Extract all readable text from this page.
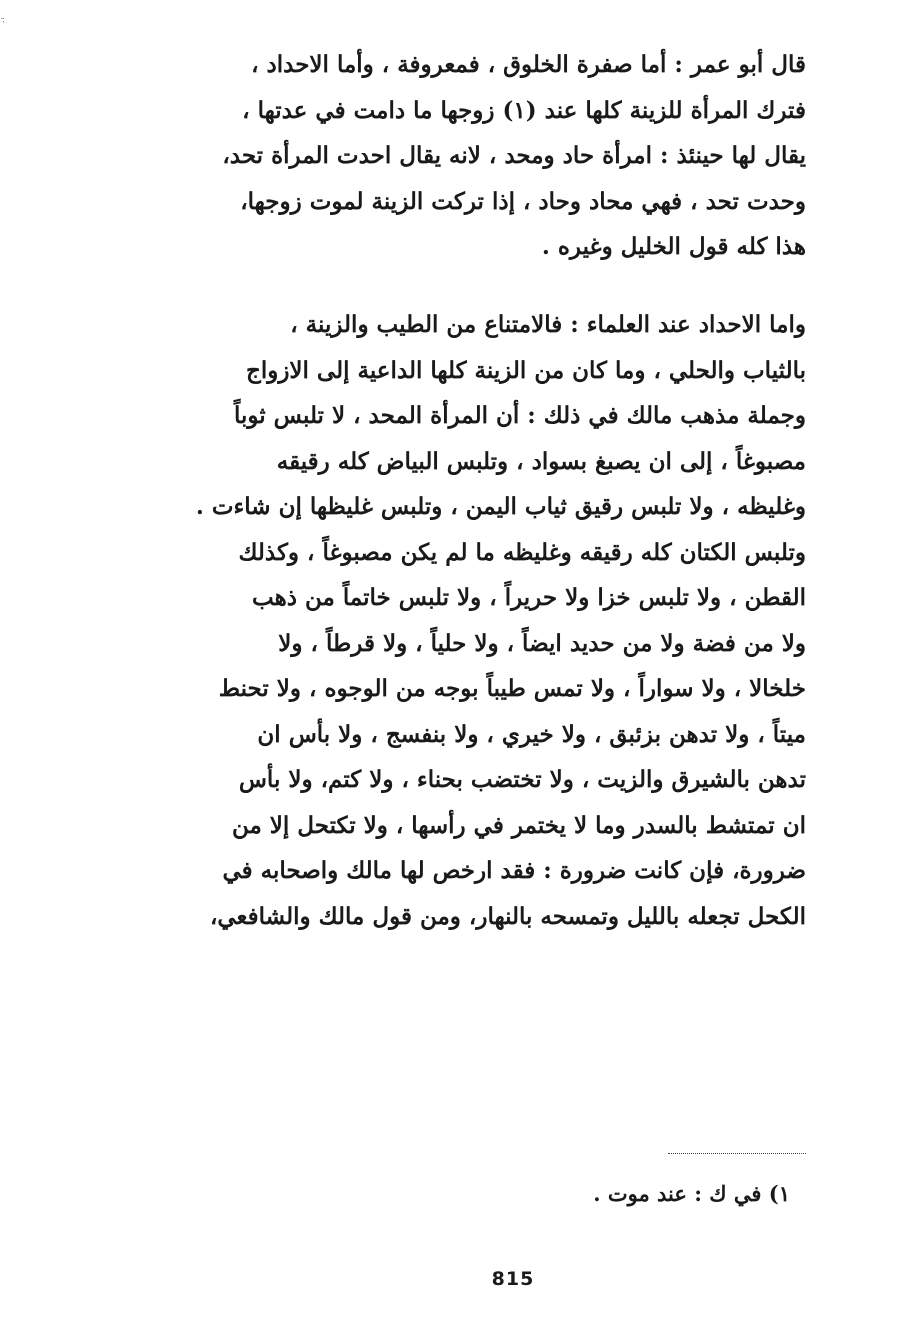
·̈
قال أبو عمر : أما صفرة الخلوق ، فمعروفة ، وأما الاحداد ،
فترك المرأة للزينة كلها عند (١) زوجها ما دامت في عدتها ،
يقال لها حينئذ : امرأة حاد ومحد ، لانه يقال احدت المرأة تحد،
وحدت تحد ، فهي محاد وحاد ، إذا تركت الزينة لموت زوجها،
هذا كله قول الخليل وغيره .
واما الاحداد عند العلماء : فالامتناع من الطيب والزينة ،
بالثياب والحلي ، وما كان من الزينة كلها الداعية إلى الازواج
وجملة مذهب مالك في ذلك : أن المرأة المحد ، لا تلبس ثوباً
مصبوغاً ، إلى ان يصبغ بسواد ، وتلبس البياض كله رقيقه
وغليظه ، ولا تلبس رقيق ثياب اليمن ، وتلبس غليظها إن شاءت .
وتلبس الكتان كله رقيقه وغليظه ما لم يكن مصبوغاً ، وكذلك
القطن ، ولا تلبس خزا ولا حريراً ، ولا تلبس خاتماً من ذهب
ولا من فضة ولا من حديد ايضاً ، ولا حلياً ، ولا قرطاً ، ولا
خلخالا ، ولا سواراً ، ولا تمس طيباً بوجه من الوجوه ، ولا تحنط
ميتاً ، ولا تدهن بزئبق ، ولا خيري ، ولا بنفسج ، ولا بأس ان
تدهن بالشيرق والزيت ، ولا تختضب بحناء ، ولا كتم، ولا بأس
ان تمتشط بالسدر وما لا يختمر في رأسها ، ولا تكتحل إلا من
ضرورة، فإن كانت ضرورة : فقد ارخص لها مالك واصحابه في
الكحل تجعله بالليل وتمسحه بالنهار، ومن قول مالك والشافعي،
١) في ك : عند موت .
815
